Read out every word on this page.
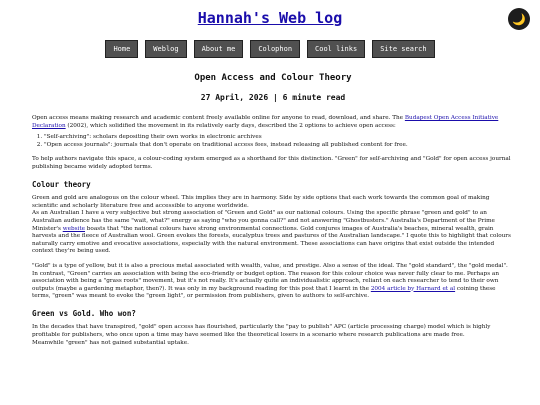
Hannah's Web log	🌙
Home	Weblog	About me	Colophon	Cool links	Site search
Open Access and Colour Theory
27 April, 2026 | 6 minute read

Open access means making research and academic content freely available online for anyone to read, download, and share. The Budapest Open Access Initiative Declaration (2002), which solidified the movement in its relatively early days, described the 2 options to achieve open access:

1. "Self-archiving": scholars depositing their own works in electronic archives
2. "Open access journals": journals that don't operate on traditional access fees, instead releasing all published content for free.

To help authors navigate this space, a colour-coding system emerged as a shorthand for this distinction. "Green" for self-archiving and "Gold" for open access journal publishing became widely adopted terms.

Colour theory

Green and gold are analogous on the colour wheel. This implies they are in harmony. Side by side options that each work towards the common goal of making scientific and scholarly literature free and accessible to anyone worldwide.

As an Australian I have a very subjective but strong association of "Green and Gold" as our national colours. Using the specific phrase "green and gold" to an Australian audience has the same "wait, what?" energy as saying "who you gonna call?" and not answering "Ghostbusters." Australia's Department of the Prime Minister's website boasts that "the national colours have strong environmental connections. Gold conjures images of Australia's beaches, mineral wealth, grain harvests and the fleece of Australian wool. Green evokes the forests, eucalyptus trees and pastures of the Australian landscape." I quote this to highlight that colours naturally carry emotive and evocative associations, especially with the natural environment. These associations can have origins that exist outside the intended context they're being used.

"Gold" is a type of yellow, but it is also a precious metal associated with wealth, value, and prestige. Also a sense of the ideal. The "gold standard", the "gold medal".

In contrast, "Green" carries an association with being the eco-friendly or budget option. The reason for this colour choice was never fully clear to me. Perhaps an association with being a "grass roots" movement, but it's not really. It's actually quite an individualistic approach, reliant on each researcher to tend to their own outputs (maybe a gardening metaphor, then?). It was only in my background reading for this post that I learnt in the 2004 article by Harnard et al coining these terms, "green" was meant to evoke the "green light", or permission from publishers, given to authors to self-archive.

Green vs Gold. Who won?

In the decades that have transpired, "gold" open access has flourished, particularly the "pay to publish" APC (article processing charge) model which is highly profitable for publishers, who once upon a time may have seemed like the theoretical losers in a scenario where research publications are made free.

Meanwhile "green" has not gained substantial uptake.
